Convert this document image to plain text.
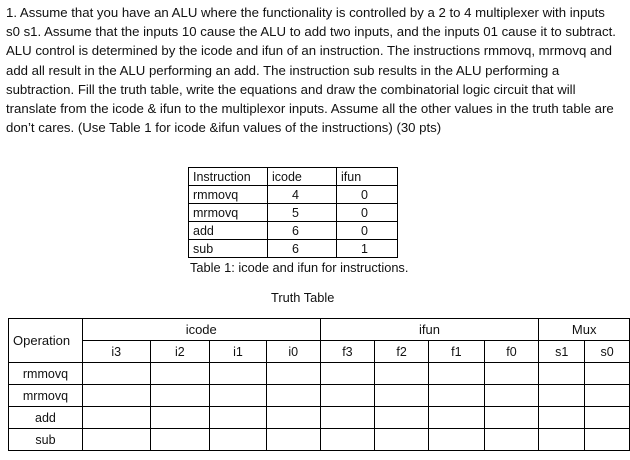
1. Assume that you have an ALU where the functionality is controlled by a 2 to 4 multiplexer with inputs s0 s1. Assume that the inputs 10 cause the ALU to add two inputs, and the inputs 01 cause it to subtract. ALU control is determined by the icode and ifun of an instruction. The instructions rmmovq, mrmovq and add all result in the ALU performing an add. The instruction sub results in the ALU performing a subtraction. Fill the truth table, write the equations and draw the combinatorial logic circuit that will translate from the icode & ifun to the multiplexor inputs. Assume all the other values in the truth table are don’t cares. (Use Table 1 for icode &ifun values of the instructions) (30 pts)

Instruction	icode	ifun
rmmovq	4	0
mrmovq	5	0
add	6	0
sub	6	1
Table 1: icode and ifun for instructions.
Truth Table
Operation	icode				ifun				Mux	
	i3	i2	i1	i0	f3	f2	f1	f0	s1	s0
rmmovq										
mrmovq										
add										
sub										
